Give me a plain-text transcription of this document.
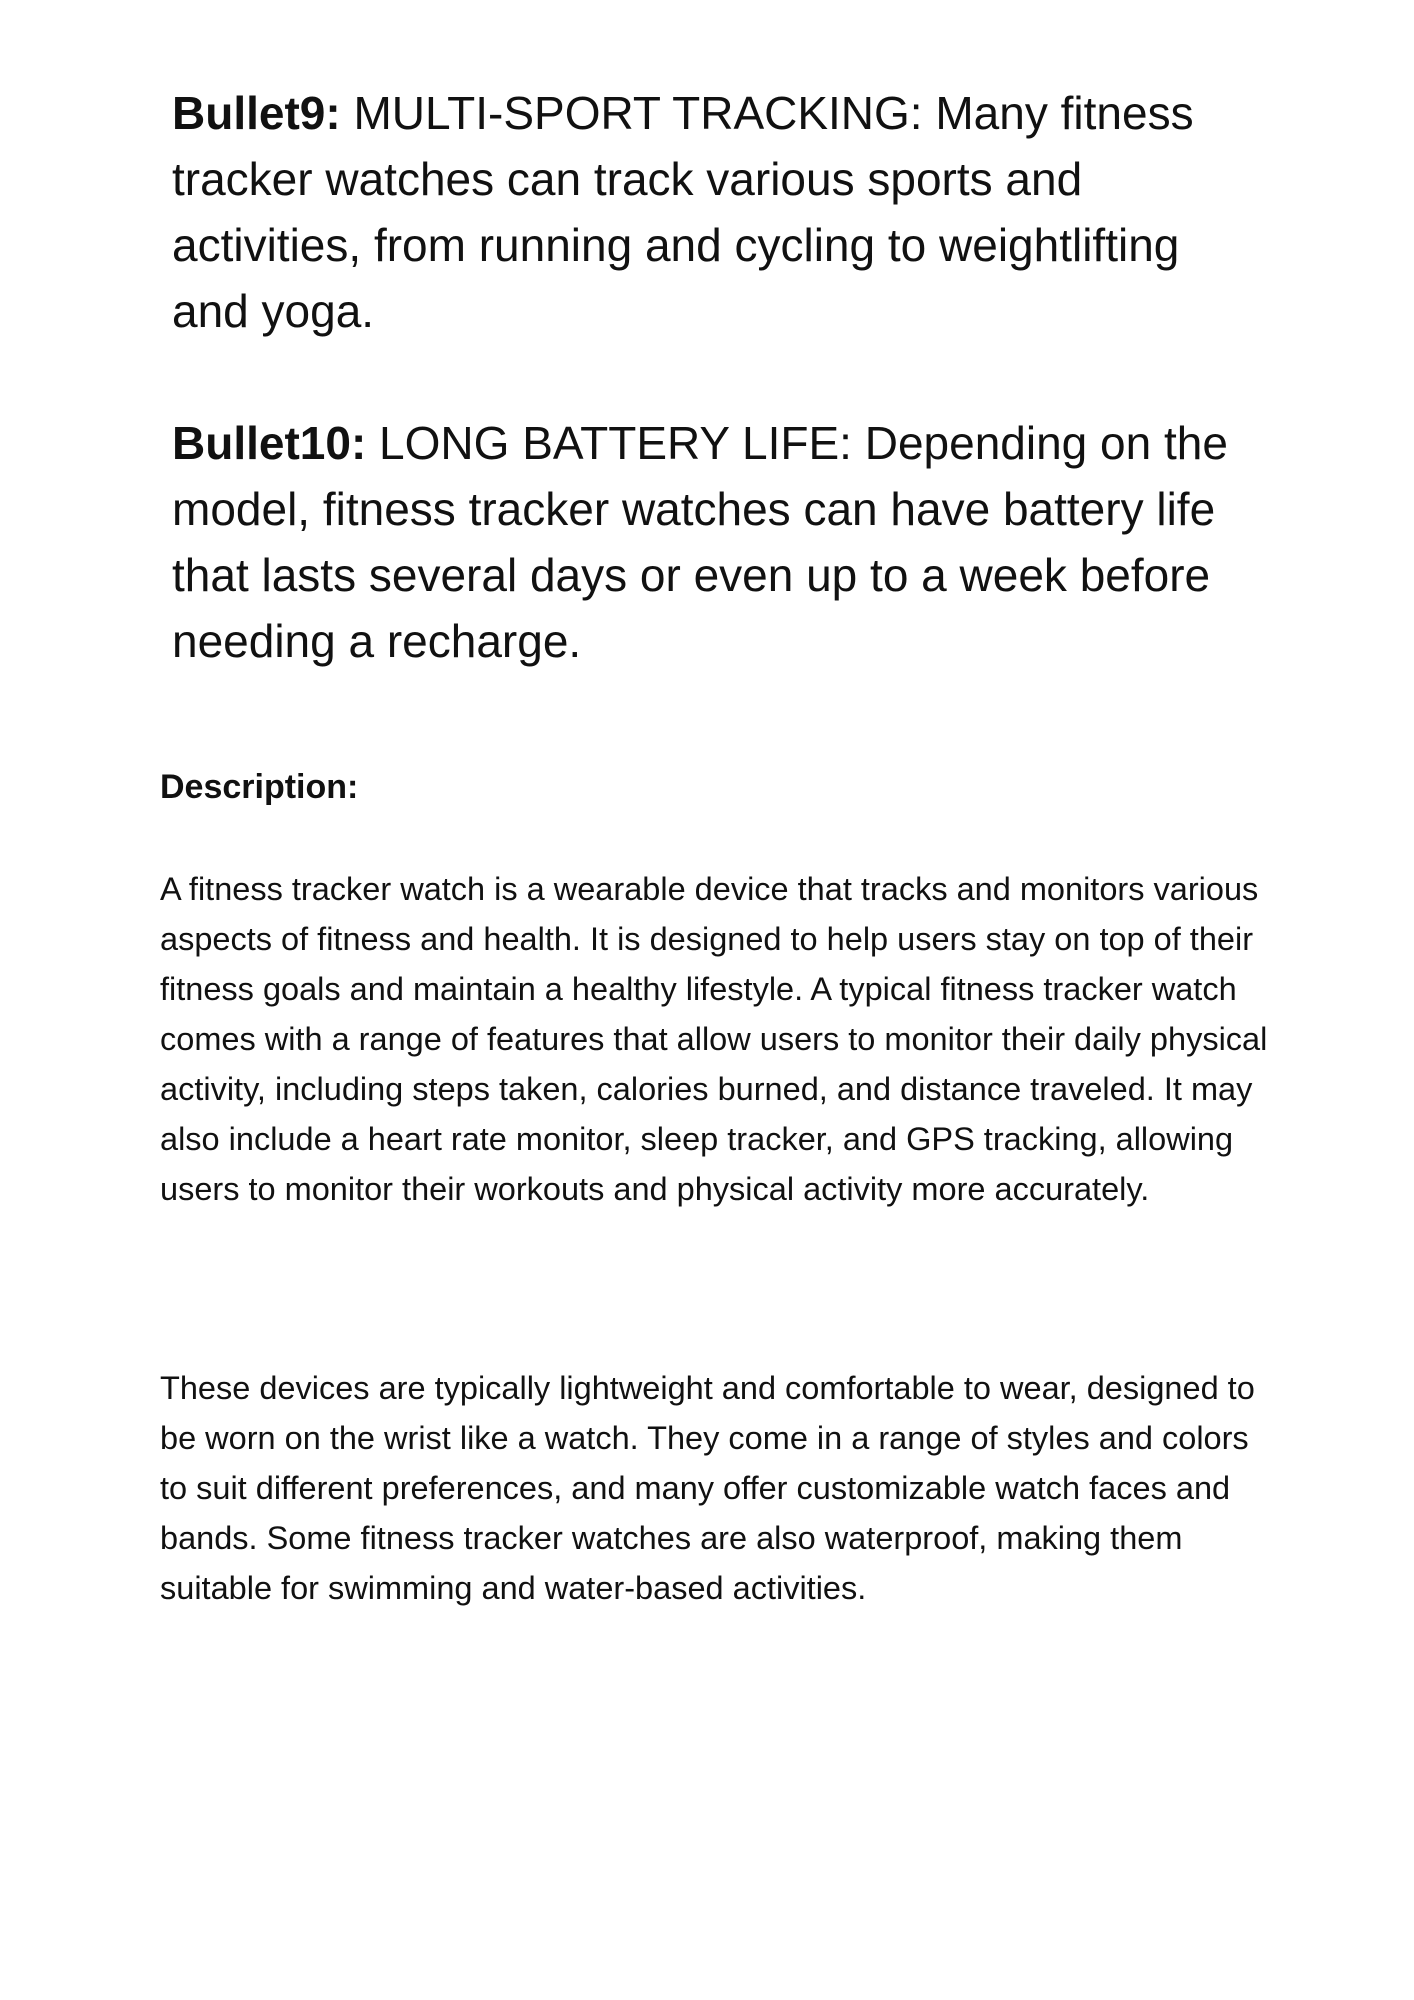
Bullet9: MULTI-SPORT TRACKING: Many fitness tracker watches can track various sports and activities, from running and cycling to weightlifting and yoga.

Bullet10: LONG BATTERY LIFE: Depending on the model, fitness tracker watches can have battery life that lasts several days or even up to a week before needing a recharge.

Description:

A fitness tracker watch is a wearable device that tracks and monitors various aspects of fitness and health. It is designed to help users stay on top of their fitness goals and maintain a healthy lifestyle. A typical fitness tracker watch comes with a range of features that allow users to monitor their daily physical activity, including steps taken, calories burned, and distance traveled. It may also include a heart rate monitor, sleep tracker, and GPS tracking, allowing users to monitor their workouts and physical activity more accurately.

These devices are typically lightweight and comfortable to wear, designed to be worn on the wrist like a watch. They come in a range of styles and colors to suit different preferences, and many offer customizable watch faces and bands. Some fitness tracker watches are also waterproof, making them suitable for swimming and water-based activities.
